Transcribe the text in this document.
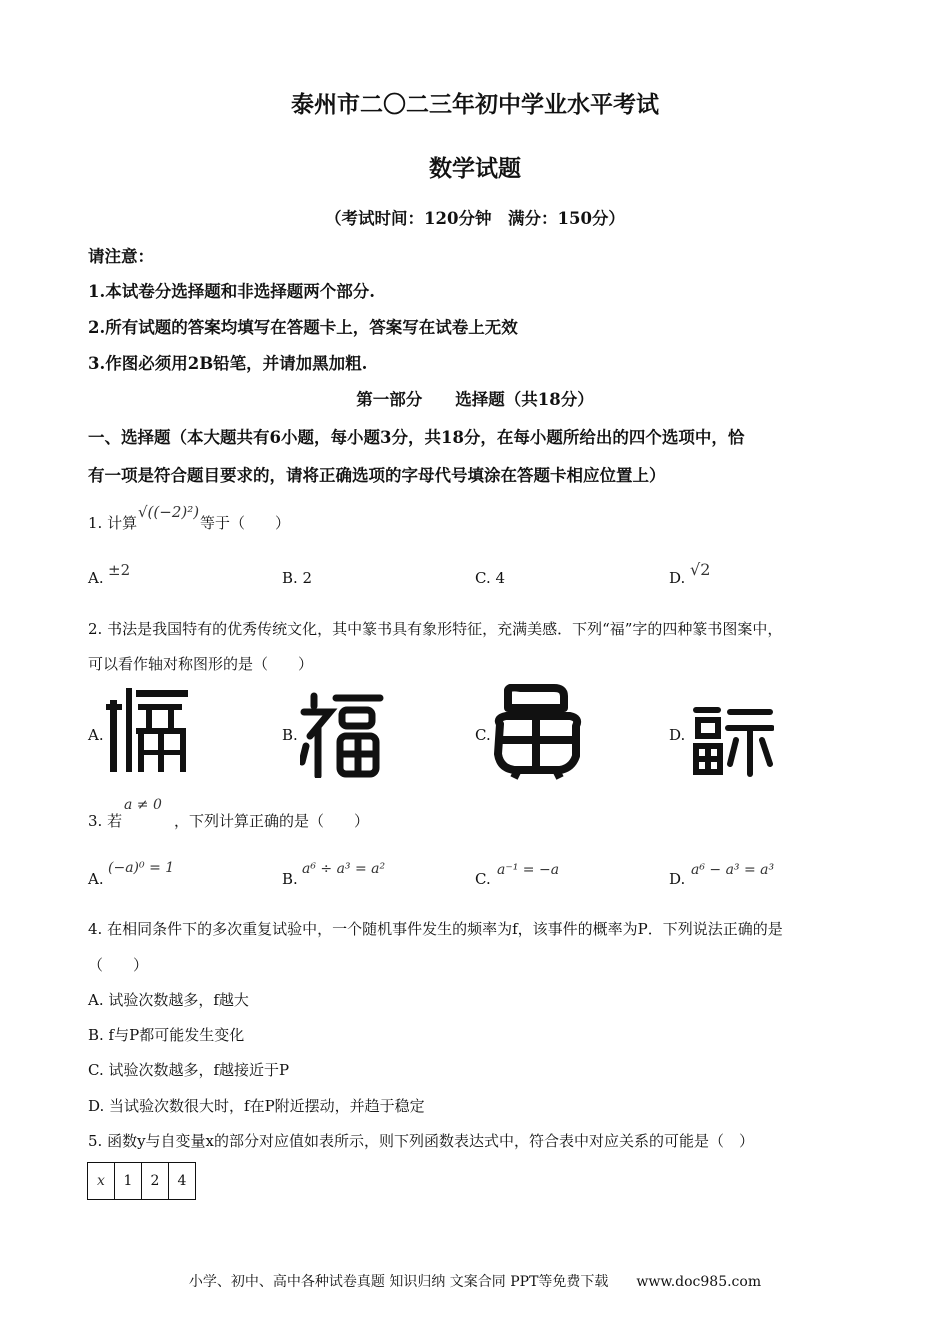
泰州市二〇二三年初中学业水平考试
数学试题
（考试时间：120分钟　满分：150分）
请注意：
1.本试卷分选择题和非选择题两个部分.
2.所有试题的答案均填写在答题卡上，答案写在试卷上无效
3.作图必须用2B铅笔，并请加黑加粗.
第一部分　　选择题（共18分）
一、选择题（本大题共有6小题，每小题3分，共18分，在每小题所给出的四个选项中，恰
有一项是符合题目要求的，请将正确选项的字母代号填涂在答题卡相应位置上）
1. 计算
√((−2)²)
等于（　　）
A. ±2	B. 2	C. 4	D. √2
2. 书法是我国特有的优秀传统文化，其中篆书具有象形特征，充满美感．下列“福”字的四种篆书图案中，
可以看作轴对称图形的是（　　）
A.	B.	C.	D.
3. 若
a ≠ 0
，下列计算正确的是（　　）
A.
(−a)⁰ = 1
B.
a⁶ ÷ a³ = a²
C. a⁻¹ = −a	D. a⁶ − a³ = a³
4. 在相同条件下的多次重复试验中，一个随机事件发生的频率为f，该事件的概率为P．下列说法正确的是
（　　）
A. 试验次数越多，f越大
B. f与P都可能发生变化
C. 试验次数越多，f越接近于P
D. 当试验次数很大时，f在P附近摆动，并趋于稳定
5. 函数y与自变量x的部分对应值如表所示，则下列函数表达式中，符合表中对应关系的可能是（　）
x	1	2	4
小学、初中、高中各种试卷真题 知识归纳 文案合同 PPT等免费下载　　www.doc985.com
